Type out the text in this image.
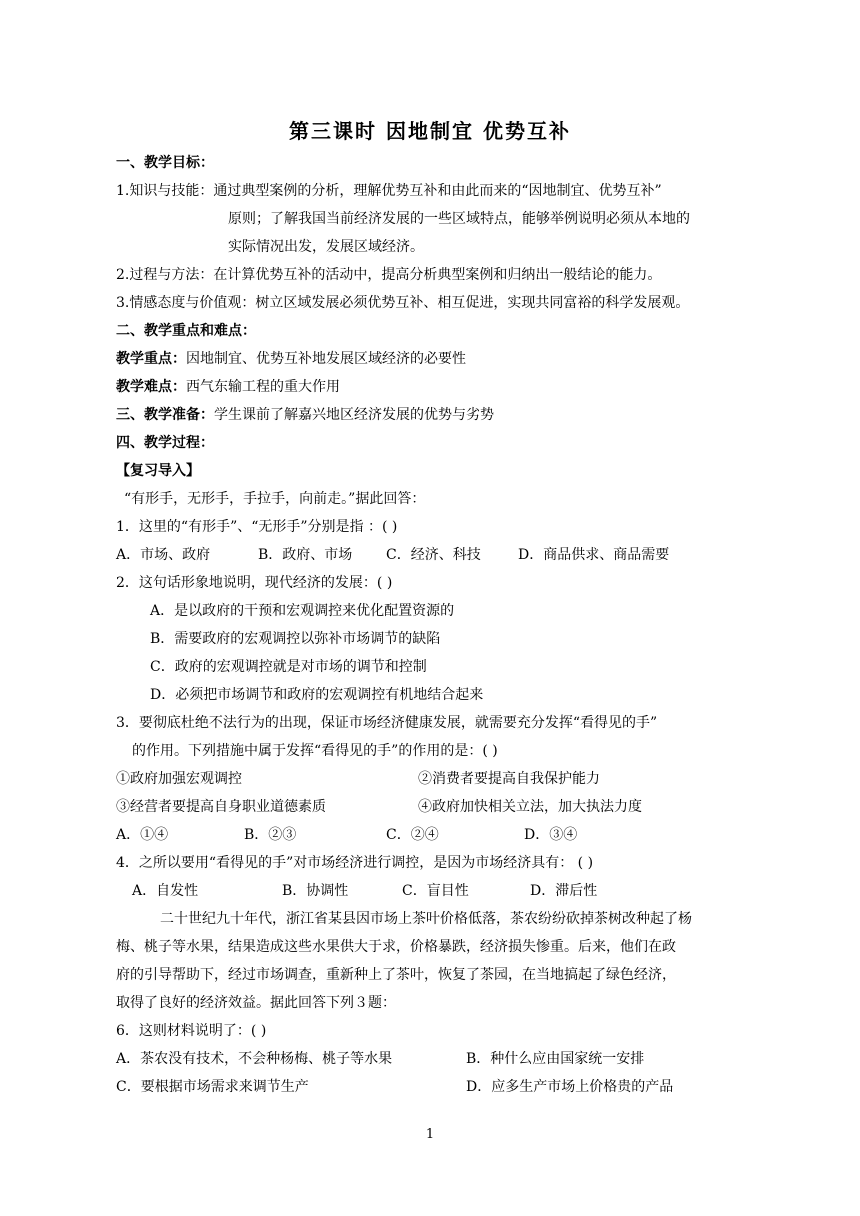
第三课时 因地制宜 优势互补
一、教学目标：
1.知识与技能：通过典型案例的分析，理解优势互补和由此而来的“因地制宜、优势互补”
原则；了解我国当前经济发展的一些区域特点，能够举例说明必须从本地的
实际情况出发，发展区域经济。
2.过程与方法：在计算优势互补的活动中，提高分析典型案例和归纳出一般结论的能力。
3.情感态度与价值观：树立区域发展必须优势互补、相互促进，实现共同富裕的科学发展观。
二、教学重点和难点：
教学重点：因地制宜、优势互补地发展区域经济的必要性
教学难点：西气东输工程的重大作用
三、教学准备：学生课前了解嘉兴地区经济发展的优势与劣势
四、教学过程：
【复习导入】
“有形手，无形手，手拉手，向前走。”据此回答：
1．这里的“有形手”、“无形手”分别是指 ：( )
A．市场、政府	B．政府、市场 C．经济、科技	D．商品供求、商品需要
2．这句话形象地说明，现代经济的发展：( )
A．是以政府的干预和宏观调控来优化配置资源的
B．需要政府的宏观调控以弥补市场调节的缺陷
C．政府的宏观调控就是对市场的调节和控制
D．必须把市场调节和政府的宏观调控有机地结合起来
3．要彻底杜绝不法行为的出现，保证市场经济健康发展，就需要充分发挥“看得见的手”
的作用。下列措施中属于发挥“看得见的手”的作用的是：( )
①政府加强宏观调控	②消费者要提高自我保护能力
③经营者要提高自身职业道德素质	④政府加快相关立法，加大执法力度
A．①④	B．②③	C．②④	D．③④
4．之所以要用“看得见的手”对市场经济进行调控，是因为市场经济具有： ( )
A．自发性	B．协调性	C．盲目性	D．滞后性
二十世纪九十年代，浙江省某县因市场上茶叶价格低落，茶农纷纷砍掉茶树改种起了杨
梅、桃子等水果，结果造成这些水果供大于求，价格暴跌，经济损失惨重。后来，他们在政
府的引导帮助下，经过市场调查，重新种上了茶叶，恢复了茶园，在当地搞起了绿色经济，
取得了良好的经济效益。据此回答下列３题：
6．这则材料说明了：( )
A．茶农没有技术，不会种杨梅、桃子等水果	B．种什么应由国家统一安排
C．要根据市场需求来调节生产	D．应多生产市场上价格贵的产品
1
